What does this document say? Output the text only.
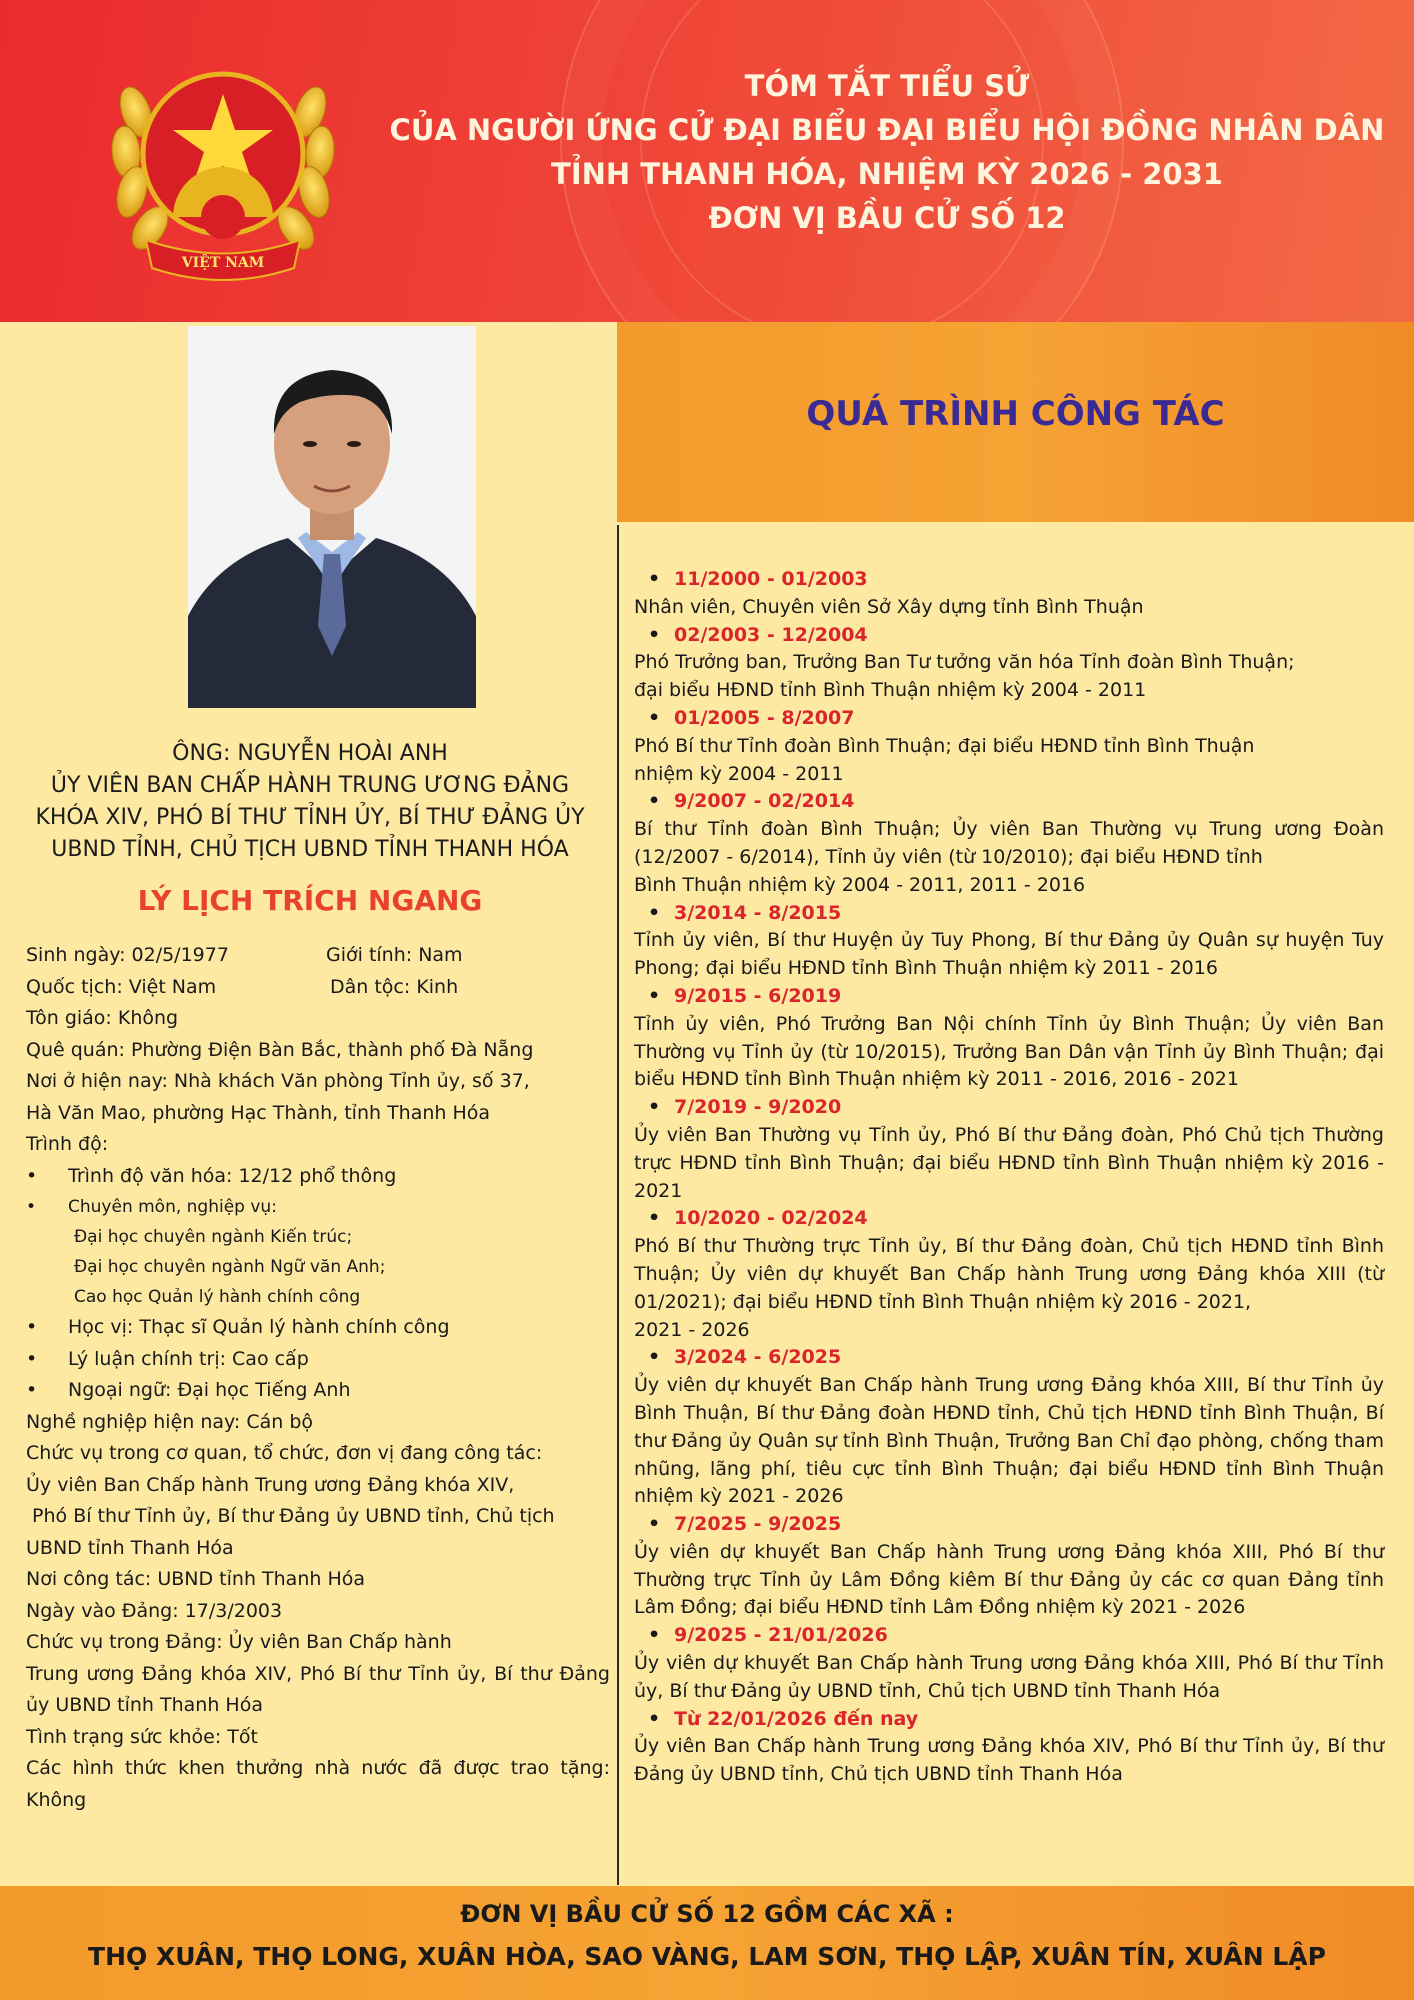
VIỆT NAM
TÓM TẮT TIỂU SỬ
CỦA NGƯỜI ỨNG CỬ ĐẠI BIỂU ĐẠI BIỂU HỘI ĐỒNG NHÂN DÂN
TỈNH THANH HÓA, NHIỆM KỲ 2026 - 2031
ĐƠN VỊ BẦU CỬ SỐ 12
ÔNG: NGUYỄN HOÀI ANH
ỦY VIÊN BAN CHẤP HÀNH TRUNG ƯƠNG ĐẢNG
KHÓA XIV, PHÓ BÍ THƯ TỈNH ỦY, BÍ THƯ ĐẢNG ỦY
UBND TỈNH, CHỦ TỊCH UBND TỈNH THANH HÓA
LÝ LỊCH TRÍCH NGANG
Sinh ngày: 02/5/1977	Giới tính: Nam
Quốc tịch: Việt Nam	Dân tộc: Kinh
Tôn giáo: Không
Quê quán: Phường Điện Bàn Bắc, thành phố Đà Nẵng
Nơi ở hiện nay: Nhà khách Văn phòng Tỉnh ủy, số 37,
Hà Văn Mao, phường Hạc Thành, tỉnh Thanh Hóa
Trình độ:
• Trình độ văn hóa: 12/12 phổ thông
• Chuyên môn, nghiệp vụ:
Đại học chuyên ngành Kiến trúc;
Đại học chuyên ngành Ngữ văn Anh;
Cao học Quản lý hành chính công
• Học vị: Thạc sĩ Quản lý hành chính công
• Lý luận chính trị: Cao cấp
• Ngoại ngữ: Đại học Tiếng Anh
Nghề nghiệp hiện nay: Cán bộ
Chức vụ trong cơ quan, tổ chức, đơn vị đang công tác:
Ủy viên Ban Chấp hành Trung ương Đảng khóa XIV,
Phó Bí thư Tỉnh ủy, Bí thư Đảng ủy UBND tỉnh, Chủ tịch
UBND tỉnh Thanh Hóa
Nơi công tác: UBND tỉnh Thanh Hóa
Ngày vào Đảng: 17/3/2003
Chức vụ trong Đảng: Ủy viên Ban Chấp hành
Trung ương Đảng khóa XIV, Phó Bí thư Tỉnh ủy, Bí thư Đảng ủy UBND tỉnh Thanh Hóa
Tình trạng sức khỏe: Tốt
Các hình thức khen thưởng nhà nước đã được trao tặng: Không
QUÁ TRÌNH CÔNG TÁC
• 11/2000 - 01/2003
Nhân viên, Chuyên viên Sở Xây dựng tỉnh Bình Thuận
• 02/2003 - 12/2004
Phó Trưởng ban, Trưởng Ban Tư tưởng văn hóa Tỉnh đoàn Bình Thuận;
đại biểu HĐND tỉnh Bình Thuận nhiệm kỳ 2004 - 2011
• 01/2005 - 8/2007
Phó Bí thư Tỉnh đoàn Bình Thuận; đại biểu HĐND tỉnh Bình Thuận
nhiệm kỳ 2004 - 2011
• 9/2007 - 02/2014
Bí thư Tỉnh đoàn Bình Thuận; Ủy viên Ban Thường vụ Trung ương Đoàn (12/2007 - 6/2014), Tỉnh ủy viên (từ 10/2010); đại biểu HĐND tỉnh
Bình Thuận nhiệm kỳ 2004 - 2011, 2011 - 2016
• 3/2014 - 8/2015
Tỉnh ủy viên, Bí thư Huyện ủy Tuy Phong, Bí thư Đảng ủy Quân sự huyện Tuy Phong; đại biểu HĐND tỉnh Bình Thuận nhiệm kỳ 2011 - 2016
• 9/2015 - 6/2019
Tỉnh ủy viên, Phó Trưởng Ban Nội chính Tỉnh ủy Bình Thuận; Ủy viên Ban Thường vụ Tỉnh ủy (từ 10/2015), Trưởng Ban Dân vận Tỉnh ủy Bình Thuận; đại biểu HĐND tỉnh Bình Thuận nhiệm kỳ 2011 - 2016, 2016 - 2021
• 7/2019 - 9/2020
Ủy viên Ban Thường vụ Tỉnh ủy, Phó Bí thư Đảng đoàn, Phó Chủ tịch Thường trực HĐND tỉnh Bình Thuận; đại biểu HĐND tỉnh Bình Thuận nhiệm kỳ 2016 - 2021
• 10/2020 - 02/2024
Phó Bí thư Thường trực Tỉnh ủy, Bí thư Đảng đoàn, Chủ tịch HĐND tỉnh Bình Thuận; Ủy viên dự khuyết Ban Chấp hành Trung ương Đảng khóa XIII (từ 01/2021); đại biểu HĐND tỉnh Bình Thuận nhiệm kỳ 2016 - 2021,
2021 - 2026
• 3/2024 - 6/2025
Ủy viên dự khuyết Ban Chấp hành Trung ương Đảng khóa XIII, Bí thư Tỉnh ủy Bình Thuận, Bí thư Đảng đoàn HĐND tỉnh, Chủ tịch HĐND tỉnh Bình Thuận, Bí thư Đảng ủy Quân sự tỉnh Bình Thuận, Trưởng Ban Chỉ đạo phòng, chống tham nhũng, lãng phí, tiêu cực tỉnh Bình Thuận; đại biểu HĐND tỉnh Bình Thuận nhiệm kỳ 2021 - 2026
• 7/2025 - 9/2025
Ủy viên dự khuyết Ban Chấp hành Trung ương Đảng khóa XIII, Phó Bí thư Thường trực Tỉnh ủy Lâm Đồng kiêm Bí thư Đảng ủy các cơ quan Đảng tỉnh Lâm Đồng; đại biểu HĐND tỉnh Lâm Đồng nhiệm kỳ 2021 - 2026
• 9/2025 - 21/01/2026
Ủy viên dự khuyết Ban Chấp hành Trung ương Đảng khóa XIII, Phó Bí thư Tỉnh ủy, Bí thư Đảng ủy UBND tỉnh, Chủ tịch UBND tỉnh Thanh Hóa
• Từ 22/01/2026 đến nay
Ủy viên Ban Chấp hành Trung ương Đảng khóa XIV, Phó Bí thư Tỉnh ủy, Bí thư Đảng ủy UBND tỉnh, Chủ tịch UBND tỉnh Thanh Hóa
ĐƠN VỊ BẦU CỬ SỐ 12 GỒM CÁC XÃ :
THỌ XUÂN, THỌ LONG, XUÂN HÒA, SAO VÀNG, LAM SƠN, THỌ LẬP, XUÂN TÍN, XUÂN LẬP
